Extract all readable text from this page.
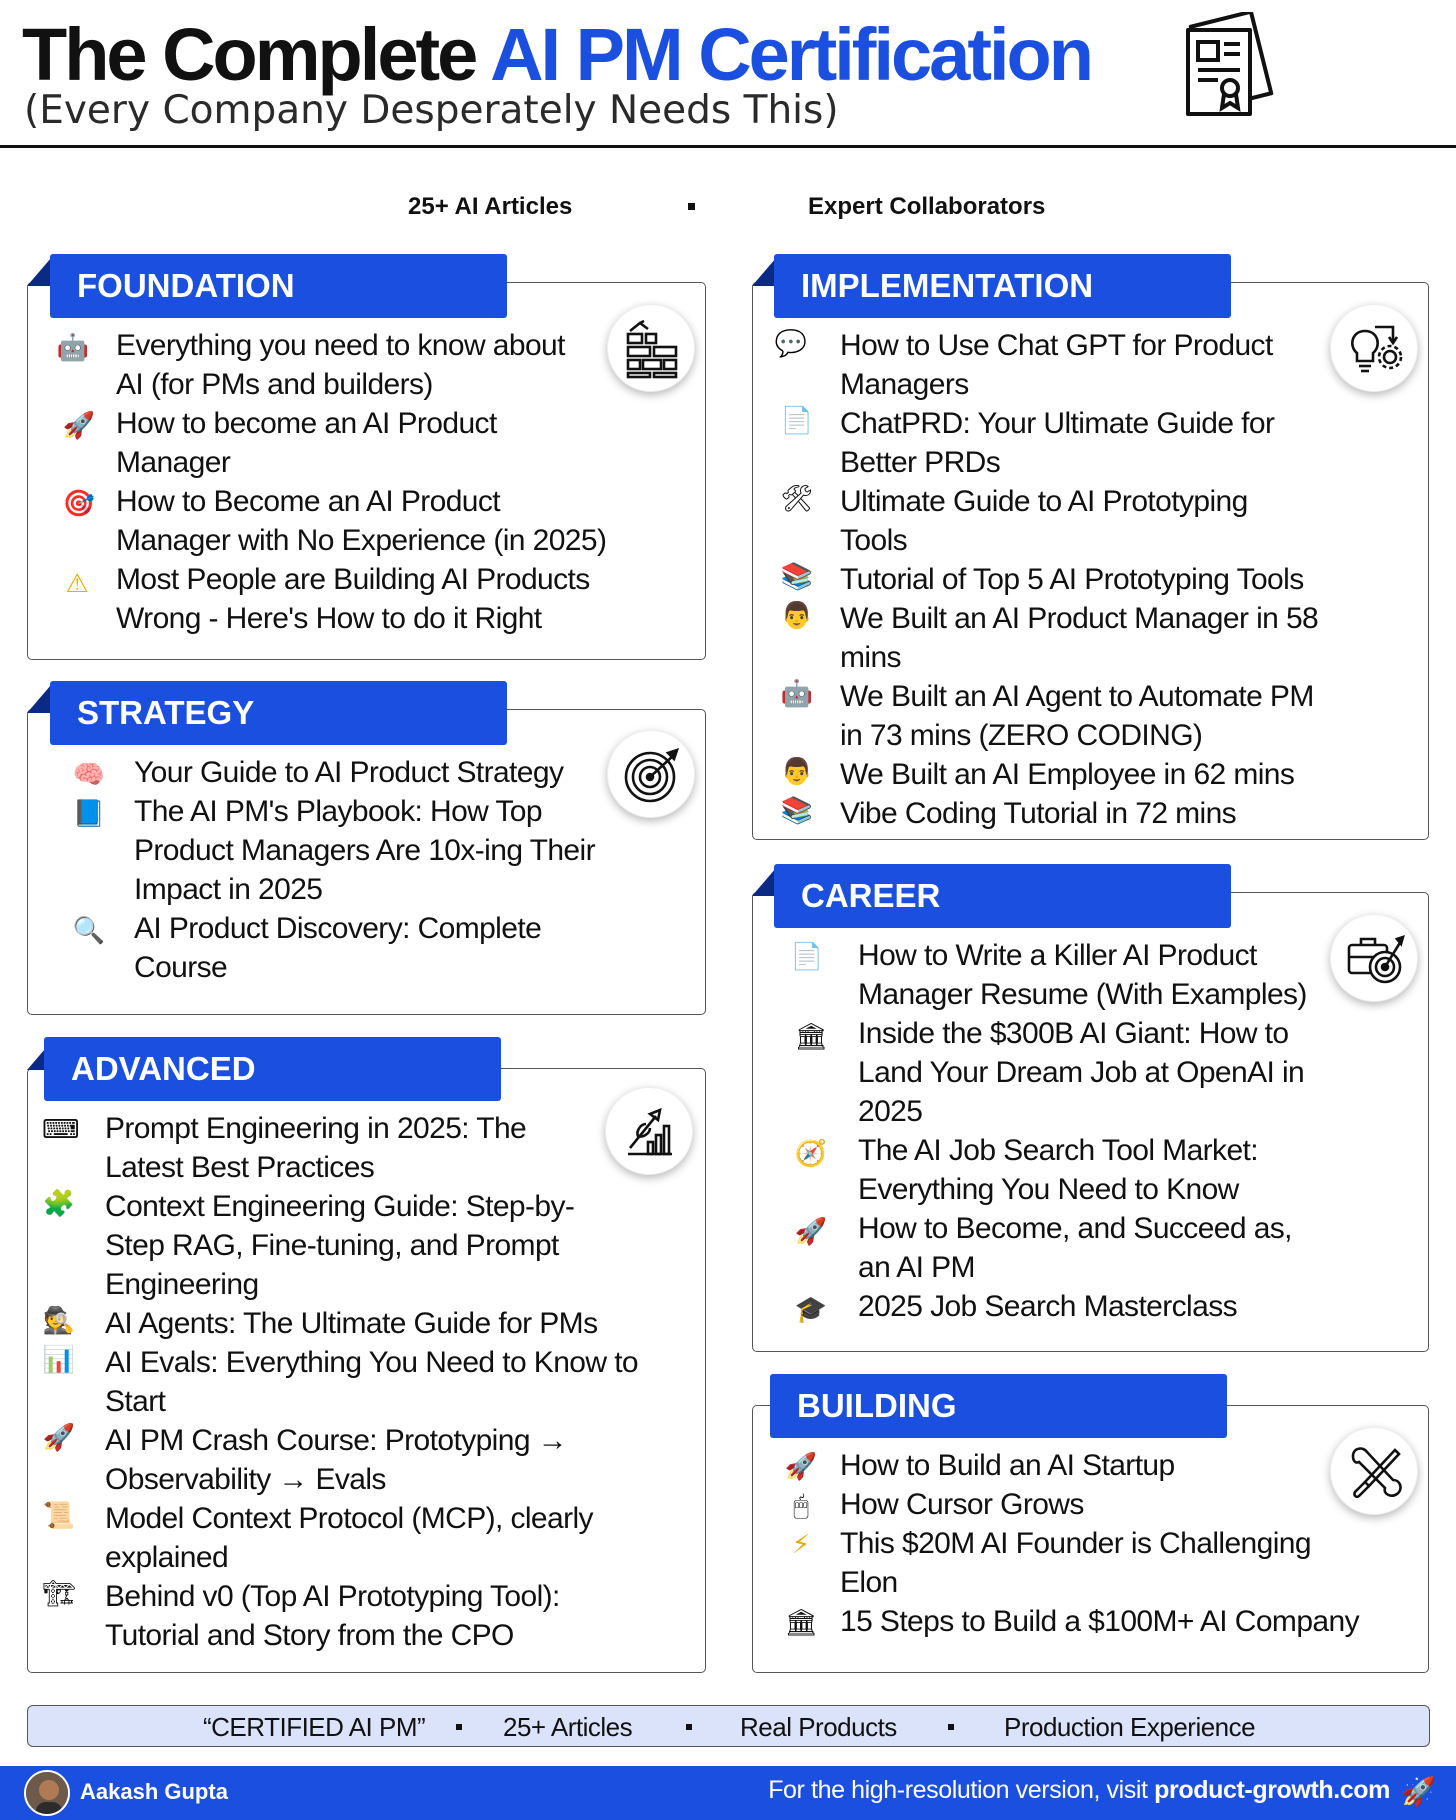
The Complete AI PM Certification
(Every Company Desperately Needs This)
25+ AI Articles	Expert Collaborators
FOUNDATION
🤖 Everything you need to know about
AI (for PMs and builders)
🚀 How to become an AI Product
Manager
🎯 How to Become an AI Product
Manager with No Experience (in 2025)
⚠ Most People are Building AI Products
Wrong - Here's How to do it Right
STRATEGY
🧠 Your Guide to AI Product Strategy
📘 The AI PM's Playbook: How Top
Product Managers Are 10x-ing Their
Impact in 2025
🔍 AI Product Discovery: Complete
Course
ADVANCED
⌨ Prompt Engineering in 2025: The
Latest Best Practices
🧩 Context Engineering Guide: Step-by-
Step RAG, Fine-tuning, and Prompt
Engineering
🕵 AI Agents: The Ultimate Guide for PMs
📊 AI Evals: Everything You Need to Know to
Start
🚀 AI PM Crash Course: Prototyping →
Observability → Evals
📜 Model Context Protocol (MCP), clearly
explained
🏗 Behind v0 (Top AI Prototyping Tool):
Tutorial and Story from the CPO
IMPLEMENTATION
💬 How to Use Chat GPT for Product
Managers
📄 ChatPRD: Your Ultimate Guide for
Better PRDs
🛠 Ultimate Guide to AI Prototyping
Tools
📚 Tutorial of Top 5 AI Prototyping Tools
👨 We Built an AI Product Manager in 58
mins
🤖 We Built an AI Agent to Automate PM
in 73 mins (ZERO CODING)
👨 We Built an AI Employee in 62 mins
📚 Vibe Coding Tutorial in 72 mins
CAREER
📄 How to Write a Killer AI Product
Manager Resume (With Examples)
🏛 Inside the $300B AI Giant: How to
Land Your Dream Job at OpenAI in
2025
🧭 The AI Job Search Tool Market:
Everything You Need to Know
🚀 How to Become, and Succeed as,
an AI PM
🎓 2025 Job Search Masterclass
BUILDING
🚀 How to Build an AI Startup
🖱	How Cursor Grows
⚡ This $20M AI Founder is Challenging
Elon
🏛 15 Steps to Build a $100M+ AI Company
“CERTIFIED AI PM”	25+ Articles	Real Products	Production Experience
Aakash Gupta	For the high-resolution version, visit product-growth.com 🚀
